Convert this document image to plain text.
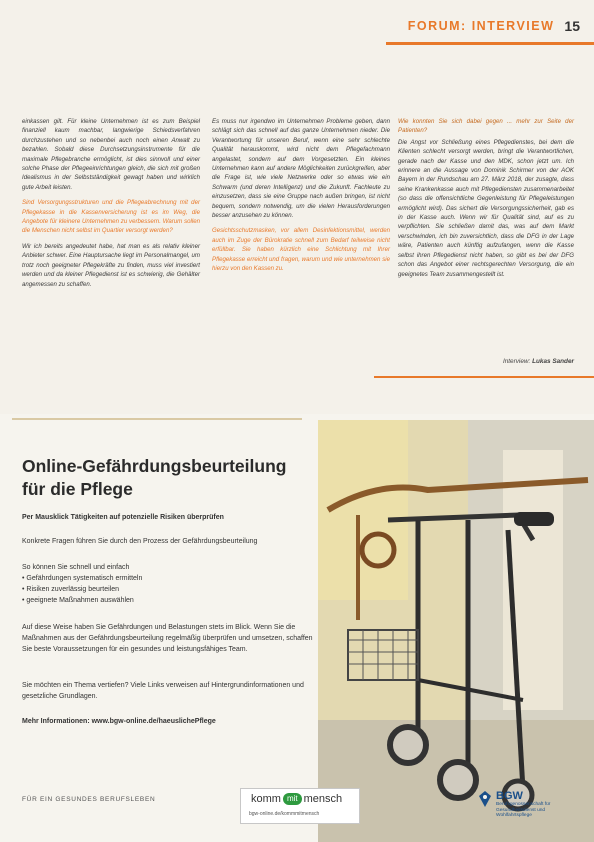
FORUM: INTERVIEW 15

einkassen gilt. Für kleine Unternehmen ist es zum Beispiel finanziell kaum machbar, langwierige Schiedsverfahren durchzustehen und so nebenbei auch noch einen Anwalt zu bezahlen. Sobald diese Durchsetzungsinstrumente für die maximale Pflegebranche ermöglicht, ist dies sinnvoll und einer solche Phase der Pflegeeinrichtungen gleich, die sich mit großen Idealismus in der Selbstständigkeit gewagt haben und wirklich gute Arbeit leisten.

Sind Versorgungsstrukturen und die Pflegeabrechnung mit der Pflegekasse in die Kassenversicherung ist es im Weg, die Angebote für kleinere Unternehmen zu verbessern. Warum sollen die Menschen nicht selbst im Quartier versorgt werden?

Wir ich bereits angedeutet habe, hat man es als relativ kleiner Anbieter schwer. Eine Hauptursache liegt im Personalmangel, um trotz noch geeigneter Pflegekräfte zu finden, muss viel investiert werden und da kleiner Pflegedienst ist es schwierig, die Gehälter angemessen zu schaffen.

Es muss nur irgendwo im Unternehmen Probleme geben, dann schlägt sich das schnell auf das ganze Unternehmen nieder. Die Verantwortung für unseren Beruf, wenn eine sehr schlechte Qualität herauskommt, wird nicht dem Pflegefachmann angelastet, sondern auf dem Vorgesetzten. Ein kleines Unternehmen kann auf andere Möglichkeiten zurückgreifen, aber die Frage ist, wie viele Netzwerke oder so etwas wie ein Schwarm (und deren Intelligenz) und die Zukunft. Fachleute zu einzusetzen, dass sie eine Gruppe nach außen bringen, ist nicht bequem, sondern notwendig, um die vielen Herausforderungen besser anzusehen zu können.

Gesichtsschutzmasken, vor allem Desinfektionsmittel, werden auch im Zuge der Bürokratie schnell zum Bedarf teilweise nicht erfüllbar. Sie haben kürzlich eine Schlichtung mit Ihrer Pflegekasse erreicht und fragen, warum und wie unternehmen sie hierzu von den Kassen zu.

Wie konnten Sie sich dabei gegen ... mehr zur Seite der Patienten?

Die Angst vor Schließung eines Pflegedienstes, bei dem die Klienten schlecht versorgt werden, bringt die Verantwortlichen, gerade nach der Kasse und den MDK, schon jetzt um. Ich erinnere an die Aussage von Dominik Schirmer von der AOK Bayern in der Rundschau am 27. März 2018, der zusagte, dass seine Krankenkasse auch mit Pflegediensten zusammenarbeitet (so dass die offensichtliche Gegenleistung für Pflegeleistungen ermöglicht wird). Das sichert die Versorgungssicherheit, gab es in der Kasse auch. Wenn wir für Qualität sind, auf es zu verpflichten. Sie schließen damit das, was auf dem Markt verschwinden, ich bin zuversichtlich, dass die DFG in der Lage wäre, Patienten auch künftig aufzufangen, wenn die Kasse selbst ihren Pflegedienst nicht haben, so gibt es bei der DFG schon das Angebot einer rechtsgerechten Versorgung, die ein geeignetes Team zusammengestellt ist.

Interview: Lukas Sander
Online-Gefährdungsbeurteilung
für die Pflege
Per Mausklick Tätigkeiten auf potenzielle Risiken überprüfen
Konkrete Fragen führen Sie durch den Prozess der Gefährdungsbeurteilung
So können Sie schnell und einfach
• Gefährdungen systematisch ermitteln
• Risiken zuverlässig beurteilen
• geeignete Maßnahmen auswählen
Auf diese Weise haben Sie Gefährdungen und Belastungen stets im Blick. Wenn Sie die Maßnahmen aus der Gefährdungsbeurteilung regelmäßig überprüfen und umsetzen, schaffen Sie beste Voraussetzungen für ein gesundes und leistungsfähiges Team.
Sie möchten ein Thema vertiefen? Viele Links verweisen auf Hintergrundinformationen und gesetzliche Grundlagen.
Mehr Informationen: www.bgw-online.de/haeuslichePflege
FÜR EIN GESUNDES BERUFSLEBEN	komm mit mensch
bgw-online.de/kommmitmensch
BGW
Berufsgenossenschaft für Gesundheitsdienst und Wohlfahrtspflege
